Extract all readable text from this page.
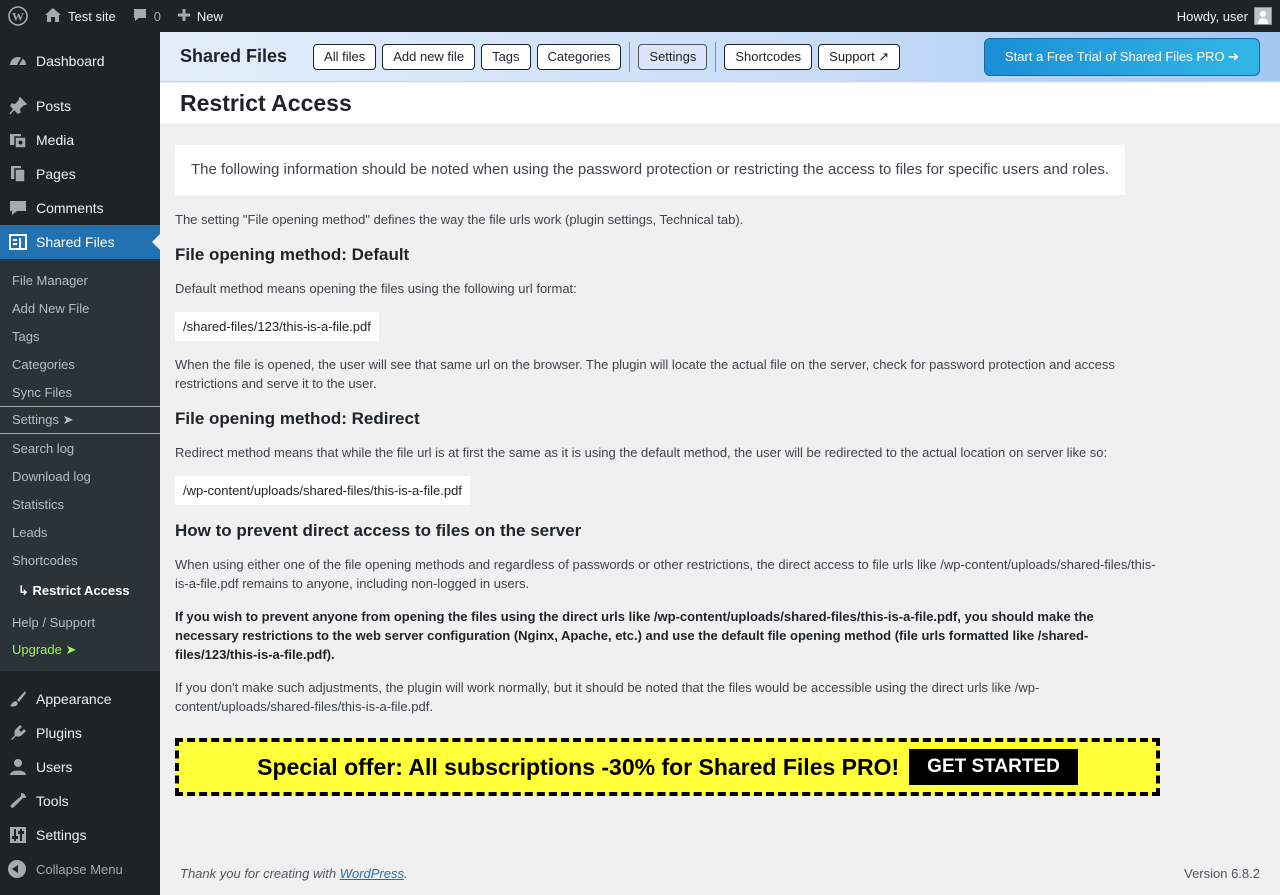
W	Test site	0	New	Howdy, user
Dashboard
Posts
Media
Pages
Comments
Shared Files
File Manager
Add New File
Tags
Categories
Sync Files
Settings ➤
Search log
Download log
Statistics
Leads
Shortcodes
↳ Restrict Access
Help / Support
Upgrade ➤
Appearance
Plugins
Users
Tools
Settings
Collapse Menu
Shared Files	All files	Add new file	Tags	Categories	Settings	Shortcodes	Support ↗	Start a Free Trial of Shared Files PRO ➜
Restrict Access
The following information should be noted when using the password protection or restricting the access to files for specific users and roles.
The setting "File opening method" defines the way the file urls work (plugin settings, Technical tab).
File opening method: Default
Default method means opening the files using the following url format:
/shared-files/123/this-is-a-file.pdf
When the file is opened, the user will see that same url on the browser. The plugin will locate the actual file on the server, check for password protection and access restrictions and serve it to the user.
File opening method: Redirect
Redirect method means that while the file url is at first the same as it is using the default method, the user will be redirected to the actual location on server like so:
/wp-content/uploads/shared-files/this-is-a-file.pdf
How to prevent direct access to files on the server
When using either one of the file opening methods and regardless of passwords or other restrictions, the direct access to file urls like /wp-content/uploads/shared-files/this-is-a-file.pdf remains to anyone, including non-logged in users.
If you wish to prevent anyone from opening the files using the direct urls like /wp-content/uploads/shared-files/this-is-a-file.pdf, you should make the necessary restrictions to the web server configuration (Nginx, Apache, etc.) and use the default file opening method (file urls formatted like /shared-files/123/this-is-a-file.pdf).
If you don't make such adjustments, the plugin will work normally, but it should be noted that the files would be accessible using the direct urls like /wp-content/uploads/shared-files/this-is-a-file.pdf.
Special offer: All subscriptions -30% for Shared Files PRO!	GET STARTED
Thank you for creating with WordPress.	Version 6.8.2
